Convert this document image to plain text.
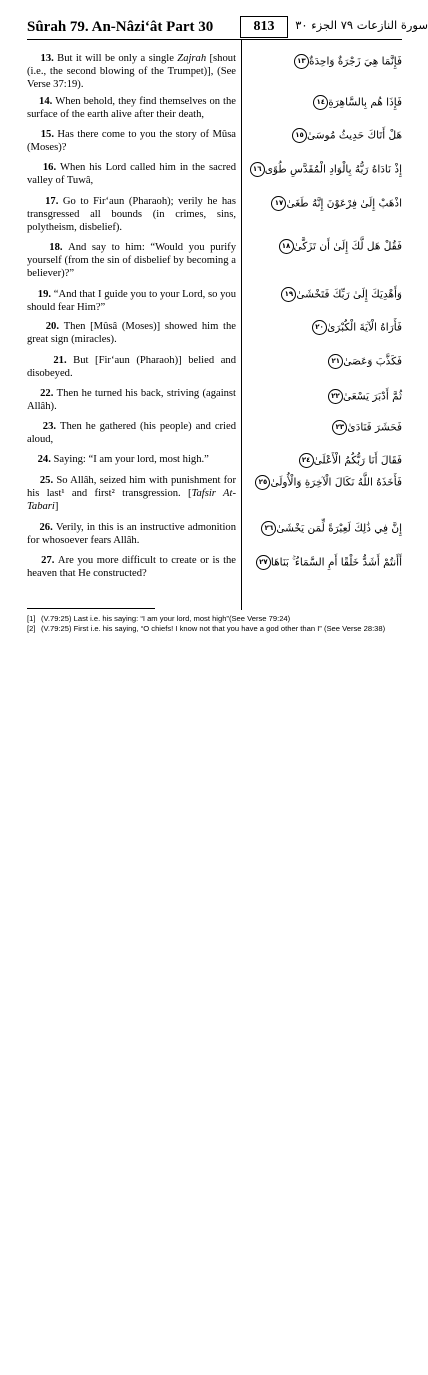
Sûrah 79. An-Nâzi‘ât Part 30	813	سورة النازعات ٧٩ الجزء ٣٠
13. But it will be only a single Zajrah [shout (i.e., the second blowing of the Trumpet)], (See Verse 37:19).
فَإِنَّمَا هِيَ زَجْرَةٌ وَاحِدَةٌ١٣
14. When behold, they find themselves on the surface of the earth alive after their death,
فَإِذَا هُم بِالسَّاهِرَةِ١٤
15. Has there come to you the story of Mûsa (Moses)?
هَلْ أَتَاكَ حَدِيثُ مُوسَىٰ١٥
16. When his Lord called him in the sacred valley of Tuwâ,
إِذْ نَادَاهُ رَبُّهُ بِالْوَادِ الْمُقَدَّسِ طُوًى١٦
17. Go to Fir‘aun (Pharaoh); verily he has transgressed all bounds (in crimes, sins, polytheism, disbelief).
اذْهَبْ إِلَىٰ فِرْعَوْنَ إِنَّهُ طَغَىٰ١٧
18. And say to him: “Would you purify yourself (from the sin of disbelief by becoming a believer)?”
فَقُلْ هَل لَّكَ إِلَىٰ أَن تَزَكَّىٰ١٨
19. “And that I guide you to your Lord, so you should fear Him?”
وَأَهْدِيَكَ إِلَىٰ رَبِّكَ فَتَخْشَىٰ١٩
20. Then [Mûsâ (Moses)] showed him the great sign (miracles).
فَأَرَاهُ الْآيَةَ الْكُبْرَىٰ٢٠
21. But [Fir‘aun (Pharaoh)] belied and disobeyed.
فَكَذَّبَ وَعَصَىٰ٢١
22. Then he turned his back, striving (against Allâh).
ثُمَّ أَدْبَرَ يَسْعَىٰ٢٢
23. Then he gathered (his people) and cried aloud,
فَحَشَرَ فَنَادَىٰ٢٣
24. Saying: “I am your lord, most high.”	فَقَالَ أَنَا رَبُّكُمُ الْأَعْلَىٰ٢٤
25. So Allâh, seized him with punishment for his last¹ and first² transgression. [Tafsir At-Tabari]
فَأَخَذَهُ اللَّهُ نَكَالَ الْآخِرَةِ وَالْأُولَىٰ٢٥
26. Verily, in this is an instructive admonition for whosoever fears Allâh.
إِنَّ فِي ذَٰلِكَ لَعِبْرَةً لِّمَن يَخْشَىٰ٢٦
27. Are you more difficult to create or is the heaven that He constructed?
أَأَنتُمْ أَشَدُّ خَلْقًا أَمِ السَّمَاءُ ۚ بَنَاهَا٢٧
[1] (V.79:25) Last i.e. his saying: “I am your lord, most high”(See Verse 79:24)
[2] (V.79:25) First i.e. his saying, “O chiefs! I know not that you have a god other than I” (See Verse 28:38)
